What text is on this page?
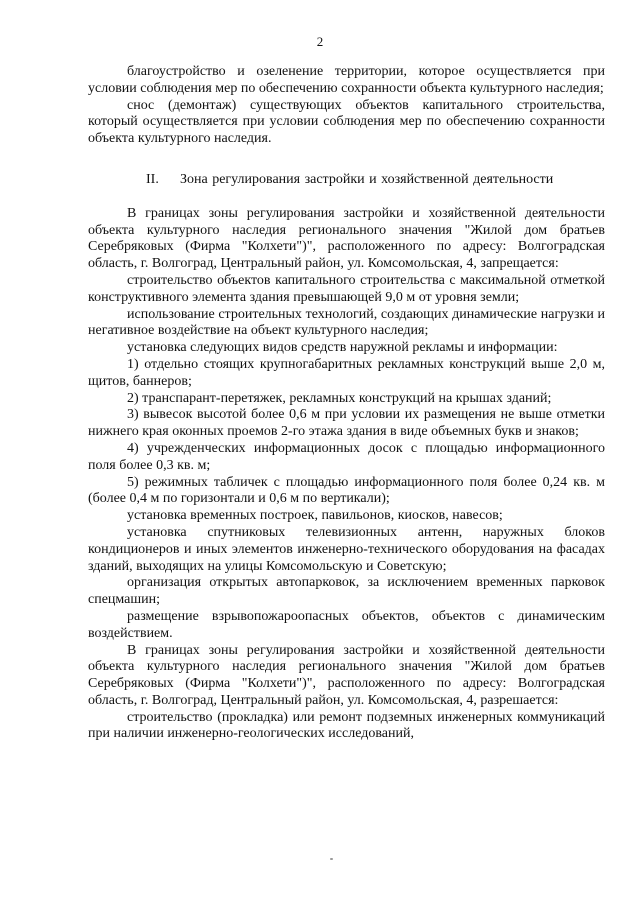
2

благоустройство и озеленение территории, которое осуществляется при условии соблюдения мер по обеспечению сохранности объекта культурного наследия;

снос (демонтаж) существующих объектов капитального строительства, который осуществляется при условии соблюдения мер по обеспечению сохранности объекта культурного наследия.

II. Зона регулирования застройки и хозяйственной деятельности

В границах зоны регулирования застройки и хозяйственной деятельности объекта культурного наследия регионального значения "Жилой дом братьев Серебряковых (Фирма "Колхети")", расположенного по адресу: Волгоградская область, г. Волгоград, Центральный район, ул. Комсомольская, 4, запрещается:

строительство объектов капитального строительства с максимальной отметкой конструктивного элемента здания превышающей 9,0 м от уровня земли;

использование строительных технологий, создающих динамические нагрузки и негативное воздействие на объект культурного наследия;

установка следующих видов средств наружной рекламы и информации:

1) отдельно стоящих крупногабаритных рекламных конструкций выше 2,0 м, щитов, баннеров;

2) транспарант-перетяжек, рекламных конструкций на крышах зданий;

3) вывесок высотой более 0,6 м при условии их размещения не выше отметки нижнего края оконных проемов 2-го этажа здания в виде объемных букв и знаков;

4) учрежденческих информационных досок с площадью информационного поля более 0,3 кв. м;

5) режимных табличек с площадью информационного поля более 0,24 кв. м (более 0,4 м по горизонтали и 0,6 м по вертикали);

установка временных построек, павильонов, киосков, навесов;

установка спутниковых телевизионных антенн, наружных блоков кондиционеров и иных элементов инженерно-технического оборудования на фасадах зданий, выходящих на улицы Комсомольскую и Советскую;

организация открытых автопарковок, за исключением временных парковок спецмашин;

размещение взрывопожароопасных объектов, объектов с динамическим воздействием.

В границах зоны регулирования застройки и хозяйственной деятельности объекта культурного наследия регионального значения "Жилой дом братьев Серебряковых (Фирма "Колхети")", расположенного по адресу: Волгоградская область, г. Волгоград, Центральный район, ул. Комсомольская, 4, разрешается:

строительство (прокладка) или ремонт подземных инженерных коммуникаций при наличии инженерно-геологических исследований,
